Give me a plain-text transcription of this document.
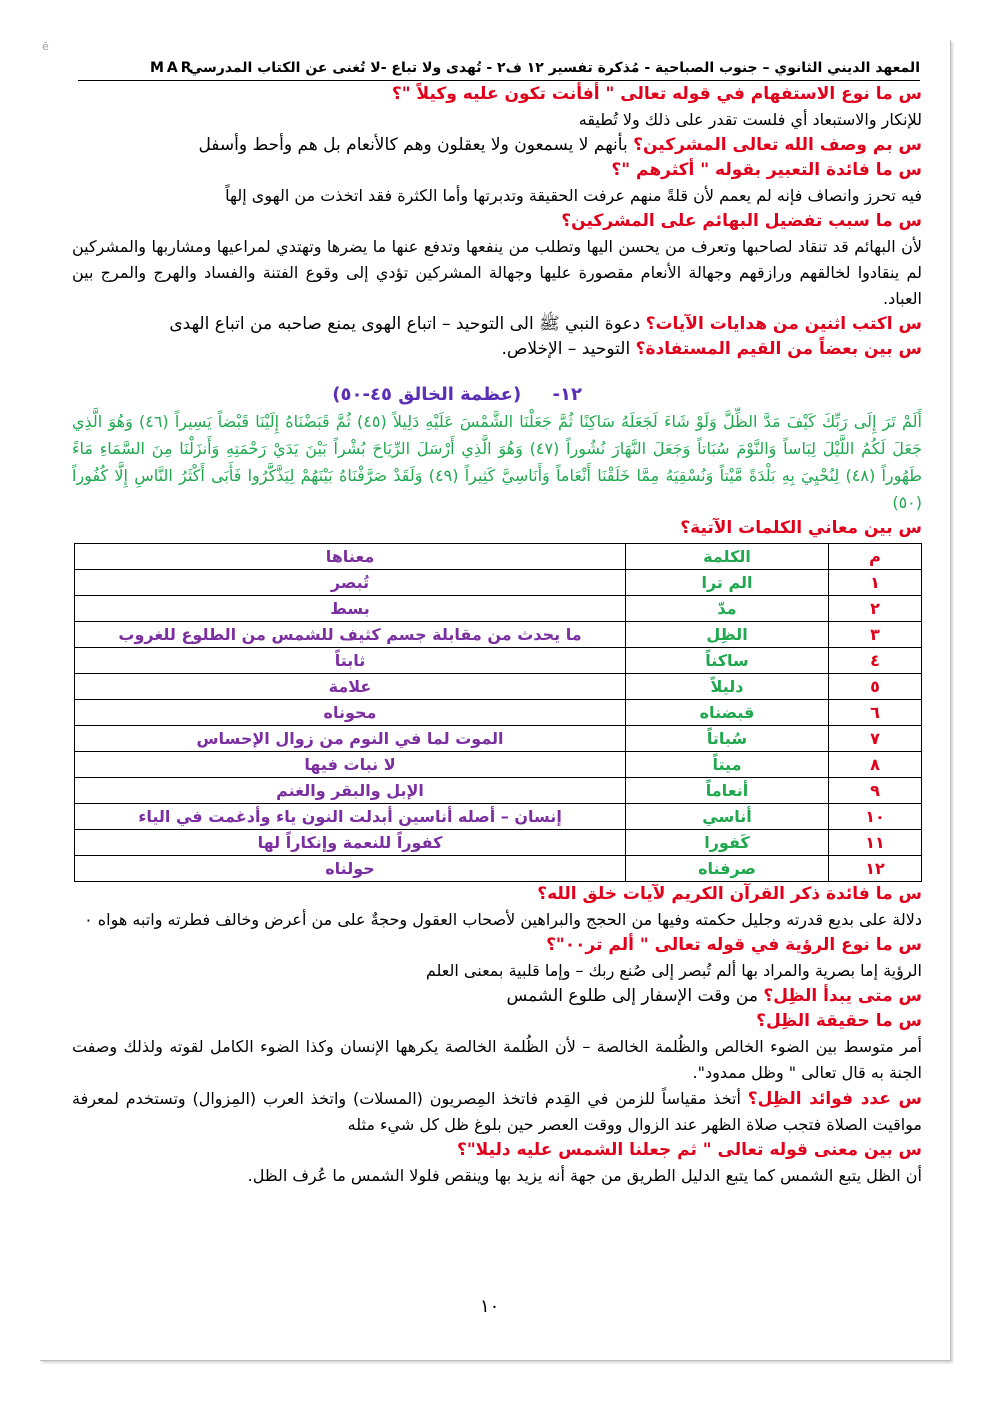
ĕ
المعهد الديني الثانوي – جنوب الصباحية - مُذكرة تفسير ١٢ ف٢ - تُهدى ولا تباع -لا تُغنى عن الكتاب المدرسي
MAR

س ما نوع الاستفهام في قوله تعالى " أفأنت تكون عليه وكيلاً "؟

للإنكار والاستبعاد أي فلست تقدر على ذلك ولا تُطيقه

س بم وصف الله تعالى المشركين؟ بأنهم لا يسمعون ولا يعقلون وهم كالأنعام بل هم وأحط وأسفل

س ما فائدة التعبير بقوله " أكثرهم "؟

فيه تحرز وانصاف فإنه لم يعمم لأن قلةً منهم عرفت الحقيقة وتدبرتها وأما الكثرة فقد اتخذت من الهوى إلهاً

س ما سبب تفضيل البهائم على المشركين؟

لأن البهائم قد تنقاد لصاحبها وتعرف من يحسن اليها وتطلب من ينفعها وتدفع عنها ما يضرها وتهتدي لمراعيها ومشاربها والمشركين لم ينقادوا لخالقهم ورازقهم وجهالة الأنعام مقصورة عليها وجهالة المشركين تؤدي إلى وقوع الفتنة والفساد والهرج والمرج بين العباد.

س اكتب اثنين من هدايات الآيات؟ دعوة النبي ﷺ الى التوحيد – اتباع الهوى يمنع صاحبه من اتباع الهدى

س بين بعضاً من القيم المستفادة؟ التوحيد – الإخلاص.

١٢-     (عظمة الخالق ٤٥-٥٠)

أَلَمْ تَرَ إِلَى رَبِّكَ كَيْفَ مَدَّ الظِّلَّ وَلَوْ شَاءَ لَجَعَلَهُ سَاكِنًا ثُمَّ جَعَلْنَا الشَّمْسَ عَلَيْهِ دَلِيلاً (٤٥) ثُمَّ قَبَضْنَاهُ إِلَيْنَا قَبْضاً يَسِيراً (٤٦) وَهُوَ الَّذِي جَعَلَ لَكُمُ اللَّيْلَ لِبَاساً وَالنَّوْمَ سُبَاتاً وَجَعَلَ النَّهَارَ نُشُوراً (٤٧) وَهُوَ الَّذِي أَرْسَلَ الرِّيَاحَ بُشْراً بَيْنَ يَدَيْ رَحْمَتِهِ وَأَنزَلْنَا مِنَ السَّمَاءِ مَاءً طَهُوراً (٤٨) لِنُحْيِيَ بِهِ بَلْدَةً مَّيْتاً وَنُسْقِيَهُ مِمَّا خَلَقْنَا أَنْعَاماً وَأَنَاسِيَّ كَثِيراً (٤٩) وَلَقَدْ صَرَّفْنَاهُ بَيْنَهُمْ لِيَذَّكَّرُوا فَأَبَى أَكْثَرُ النَّاسِ إِلَّا كُفُوراً (٥٠)

س بين معاني الكلمات الآتية؟

م	الكلمة	معناها
١	الم ترا	تُبصر
٢	مدّ	بسط
٣	الظِل	ما يحدث من مقابلة جسم كثيف للشمس من الطلوع للغروب
٤	ساكناً	ثابتاً
٥	دليلاً	علامة
٦	قبضناه	محوناه
٧	سُباتاً	الموت لما في النوم من زوال الإحساس
٨	ميتاً	لا نبات فيها
٩	أنعاماً	الإبل والبقر والغنم
١٠	أناسي	إنسان – أصله أناسين أبدلت النون ياء وأدغمت في الياء
١١	كَفورا	كفوراً للنعمة وإنكاراً لها
١٢	صرفناه	حولناه

س ما فائدة ذكر القرآن الكريم لآيات خلق الله؟

دلالة على بديع قدرته وجليل حكمته وفيها من الحجج والبراهين لأصحاب العقول وحجةٌ على من أعرض وخالف فطرته واتبه هواه ٠

س ما نوع الرؤية في قوله تعالى " ألم تر٠٠"؟

الرؤية إما بصرية والمراد بها ألم تُبصر إلى صُنع ربك – وإما قلبية بمعنى العلم

س متى يبدأ الظِل؟ من وقت الإسفار إلى طلوع الشمس

س ما حقيقة الظِل؟

أمر متوسط بين الضوء الخالص والظُلمة الخالصة – لأن الظُلمة الخالصة يكرهها الإنسان وكذا الضوء الكامل لقوته ولذلك وصفت الجنة به قال تعالى " وظل ممدود".

س عدد فوائد الظِل؟ أتخذ مقياساً للزمن في القِدم فاتخذ المِصريون (المسلات) واتخذ العرب (المِزوال) وتستخدم لمعرفة مواقيت الصلاة فتجب صلاة الظهر عند الزوال ووقت العصر حين بلوغ ظل كل شيء مثله

س بين معنى قوله تعالى " ثم جعلنا الشمس عليه دليلا"؟

أن الظل يتبع الشمس كما يتبع الدليل الطريق من جهة أنه يزيد بها وينقص فلولا الشمس ما عُرف الظل.

١٠
